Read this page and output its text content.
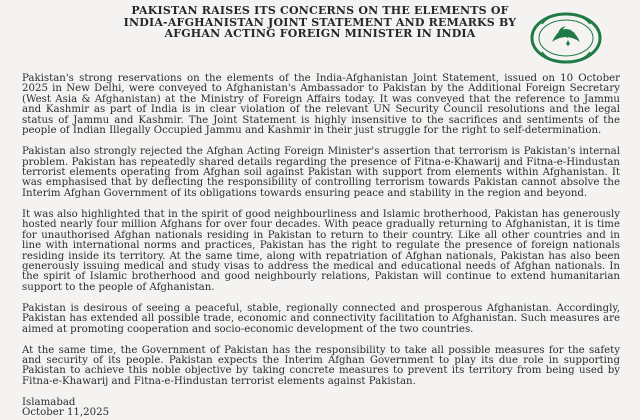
PAKISTAN RAISES ITS CONCERNS ON THE ELEMENTS OF INDIA-AFGHANISTAN JOINT STATEMENT AND REMARKS BY AFGHAN ACTING FOREIGN MINISTER IN INDIA

Pakistan's strong reservations on the elements of the India-Afghanistan Joint Statement, issued on 10 October 2025 in New Delhi, were conveyed to Afghanistan's Ambassador to Pakistan by the Additional Foreign Secretary (West Asia & Afghanistan) at the Ministry of Foreign Affairs today. It was conveyed that the reference to Jammu and Kashmir as part of India is in clear violation of the relevant UN Security Council resolutions and the legal status of Jammu and Kashmir. The Joint Statement is highly insensitive to the sacrifices and sentiments of the people of Indian Illegally Occupied Jammu and Kashmir in their just struggle for the right to self-determination.

Pakistan also strongly rejected the Afghan Acting Foreign Minister's assertion that terrorism is Pakistan's internal problem. Pakistan has repeatedly shared details regarding the presence of Fitna-e-Khawarij and Fitna-e-Hindustan terrorist elements operating from Afghan soil against Pakistan with support from elements within Afghanistan. It was emphasised that by deflecting the responsibility of controlling terrorism towards Pakistan cannot absolve the Interim Afghan Government of its obligations towards ensuring peace and stability in the region and beyond.

It was also highlighted that in the spirit of good neighbourliness and Islamic brotherhood, Pakistan has generously hosted nearly four million Afghans for over four decades. With peace gradually returning to Afghanistan, it is time for unauthorised Afghan nationals residing in Pakistan to return to their country. Like all other countries and in line with international norms and practices, Pakistan has the right to regulate the presence of foreign nationals residing inside its territory. At the same time, along with repatriation of Afghan nationals, Pakistan has also been generously issuing medical and study visas to address the medical and educational needs of Afghan nationals. In the spirit of Islamic brotherhood and good neighbourly relations, Pakistan will continue to extend humanitarian support to the people of Afghanistan.

Pakistan is desirous of seeing a peaceful, stable, regionally connected and prosperous Afghanistan. Accordingly, Pakistan has extended all possible trade, economic and connectivity facilitation to Afghanistan. Such measures are aimed at promoting cooperation and socio-economic development of the two countries.

At the same time, the Government of Pakistan has the responsibility to take all possible measures for the safety and security of its people. Pakistan expects the Interim Afghan Government to play its due role in supporting Pakistan to achieve this noble objective by taking concrete measures to prevent its territory from being used by Fitna-e-Khawarij and Fitna-e-Hindustan terrorist elements against Pakistan.

Islamabad
October 11,2025
